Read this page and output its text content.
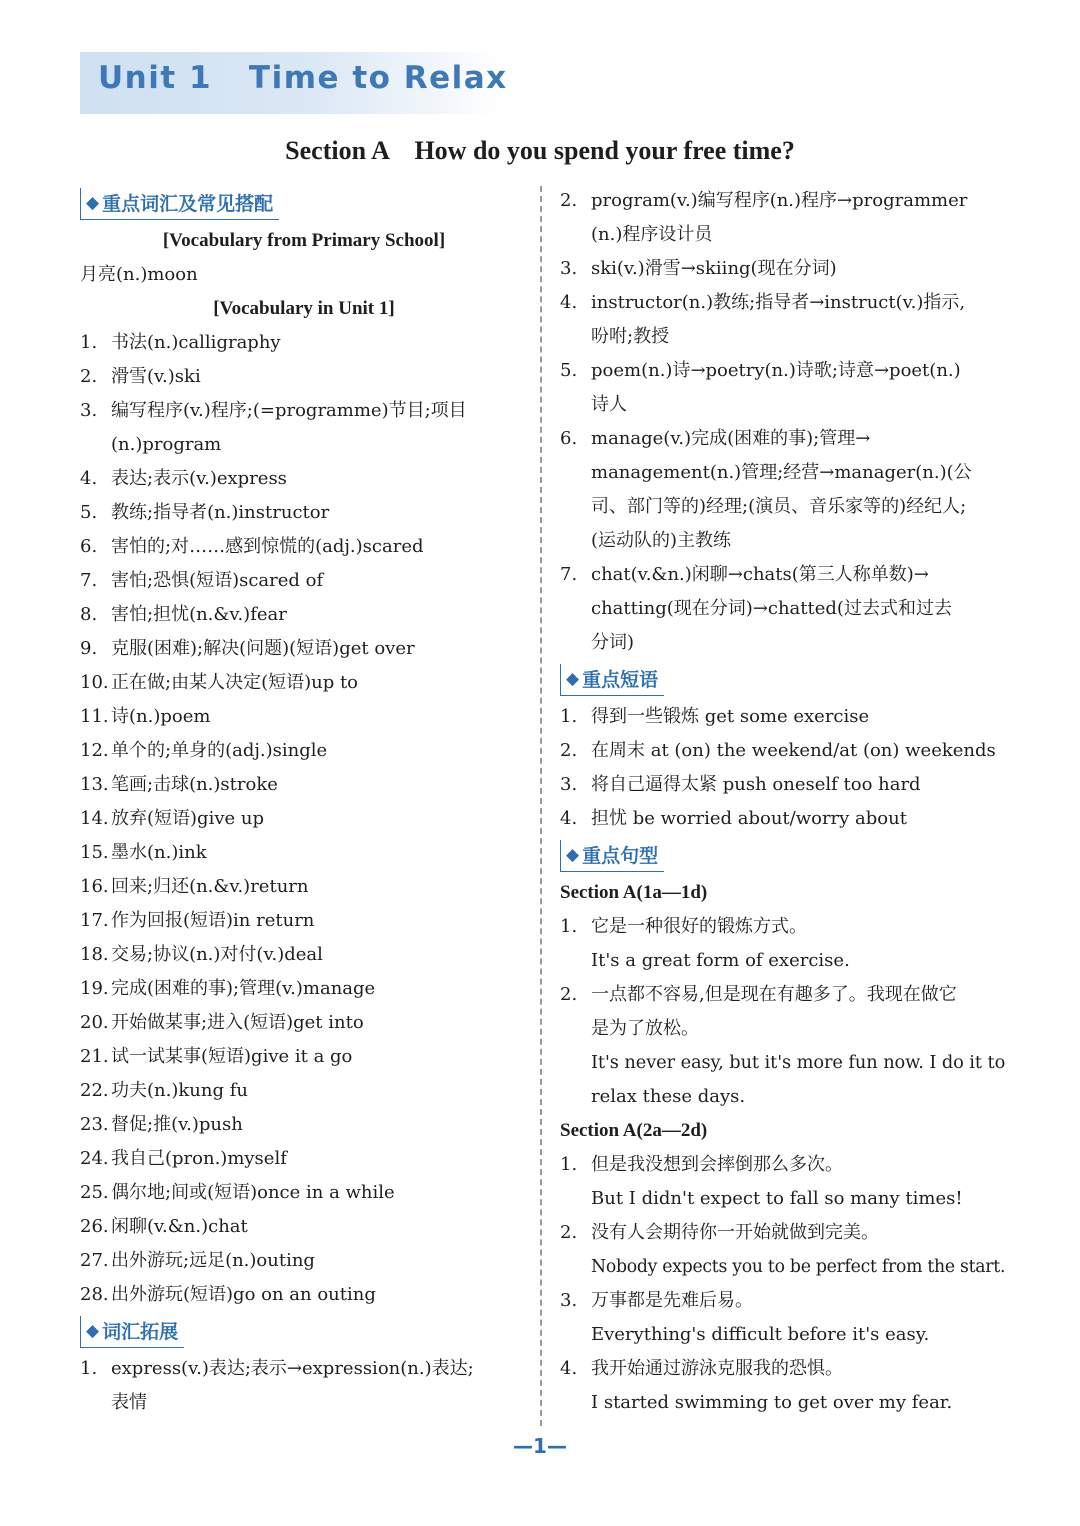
Unit 1   Time to Relax
Section A    How do you spend your free time?
◆ 重点词汇及常见搭配
[Vocabulary from Primary School]
月亮(n.)moon
[Vocabulary in Unit 1]
1. 书法(n.)calligraphy
2. 滑雪(v.)ski
3. 编写程序(v.)程序;(=programme)节目;项目
(n.)program
4. 表达;表示(v.)express
5. 教练;指导者(n.)instructor
6. 害怕的;对……感到惊慌的(adj.)scared
7. 害怕;恐惧(短语)scared of
8. 害怕;担忧(n.&v.)fear
9. 克服(困难);解决(问题)(短语)get over
10. 正在做;由某人决定(短语)up to
11. 诗(n.)poem
12. 单个的;单身的(adj.)single
13. 笔画;击球(n.)stroke
14. 放弃(短语)give up
15. 墨水(n.)ink
16. 回来;归还(n.&v.)return
17. 作为回报(短语)in return
18. 交易;协议(n.)对付(v.)deal
19. 完成(困难的事);管理(v.)manage
20. 开始做某事;进入(短语)get into
21. 试一试某事(短语)give it a go
22. 功夫(n.)kung fu
23. 督促;推(v.)push
24. 我自己(pron.)myself
25. 偶尔地;间或(短语)once in a while
26. 闲聊(v.&n.)chat
27. 出外游玩;远足(n.)outing
28. 出外游玩(短语)go on an outing
◆ 词汇拓展
1. express(v.)表达;表示→expression(n.)表达;
表情
2. program(v.)编写程序(n.)程序→programmer
(n.)程序设计员
3. ski(v.)滑雪→skiing(现在分词)
4. instructor(n.)教练;指导者→instruct(v.)指示,
吩咐;教授
5. poem(n.)诗→poetry(n.)诗歌;诗意→poet(n.)
诗人
6. manage(v.)完成(困难的事);管理→
management(n.)管理;经营→manager(n.)(公
司、部门等的)经理;(演员、音乐家等的)经纪人;
(运动队的)主教练
7. chat(v.&n.)闲聊→chats(第三人称单数)→
chatting(现在分词)→chatted(过去式和过去
分词)
◆ 重点短语
1. 得到一些锻炼 get some exercise
2. 在周末 at (on) the weekend/at (on) weekends
3. 将自己逼得太紧 push oneself too hard
4. 担忧 be worried about/worry about
◆ 重点句型
Section A(1a—1d)
1. 它是一种很好的锻炼方式。
It's a great form of exercise.
2. 一点都不容易,但是现在有趣多了。我现在做它
是为了放松。
It's never easy, but it's more fun now. I do it to
relax these days.
Section A(2a—2d)
1. 但是我没想到会摔倒那么多次。
But I didn't expect to fall so many times!
2. 没有人会期待你一开始就做到完美。
Nobody expects you to be perfect from the start.
3. 万事都是先难后易。
Everything's difficult before it's easy.
4. 我开始通过游泳克服我的恐惧。
I started swimming to get over my fear.
—1—
